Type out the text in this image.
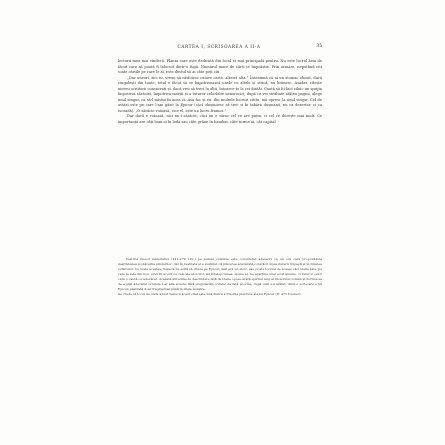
CARTEA I, SCRISOAREA A II-A	35

lecturii mea mai vindecă. Planta care este dedicată din locul ei mai principală pentru. Nu este lucrul ăsta de făcut care să poată fi înlocuit dintr-o fugă. Numărul mare de cărți te împrăștie. Prin urmare, neputând citi toate cărțile pe care le ai, este destul să ai câte poți citi.

„Dar uneori, zici tu, vreau să răsfoiesc cutare carte, alteori alta.” Înseamnă că ai un stomac obosit, dacă ciugulești din toate; totul e făcut să se împotrivească unele cu altele și strică, nu hrănesc. Așadar, citește mereu scriitorii consacrați și, dacă vrei să treci la alții, întoarce-te la cei dintâi. Caută să îți faci zilnic un sprijin împotriva sărăciei, împotriva morții și a tuturor celorlalte nenorociri; după ce vei străbate atâtea pagini, alege unul singur, ca să-l mistui în acea zi. Așa fac și eu: din multele lucruri citite, mă opresc la unul singur. Cel de astăzi este pe care l-am găsit la Epicur (căci obișnuiesc să trec și în tabăra dușmană, nu ca dezertor, ci ca iscoadă). „O sărăcie voioasă, zice el, este un lucru frumos.”

Dar dacă e voioasă, nici nu-i sărăcie; căci nu e sărac cel ce are puțin, ci cel ce dorește mai mult. Ce importanță are câți bani ai în ladă sau câte grâne în hambar, câte turme ai, cât capital

Vestitul filosof materialist (341–270 î.Cr.) pe numai cuminte este considerat adeseori ca un om care propovăduia desfrânarea și plăcerile simțurilor; dar în realitate el a susținut că plăcerea adevărată constă în lipsa durerii trupești și în liniștea sufletului. Cu toate acestea, Seneca nu ezită să citeze pe Epicur, deși era un stoic, sau poate tocmai de aceea; căci ideile sale, pe care le reia din nou, erau în acord cu cele ale stoicilor, iar înțelepciunea, spune el, nu aparține unei școli anume, ci tuturor celor care o caută cu adevărat. Această atitudine de deschidere față de ideile opuse arată spiritul larg al filosofului roman și dorința sa de a găsi adevărul oriunde s-ar afla acesta, fără prejudecăți. Citatul de față provine, după cum s-a arătat, dintr-o scrisoare a lui Epicur, păstrată doar fragmentar până în zilele noastre.

Se crede că locul de unde a luat Seneca acest citat este una dintre scrisorile pierdute ale lui Epicur (fr. 475 Usener).
